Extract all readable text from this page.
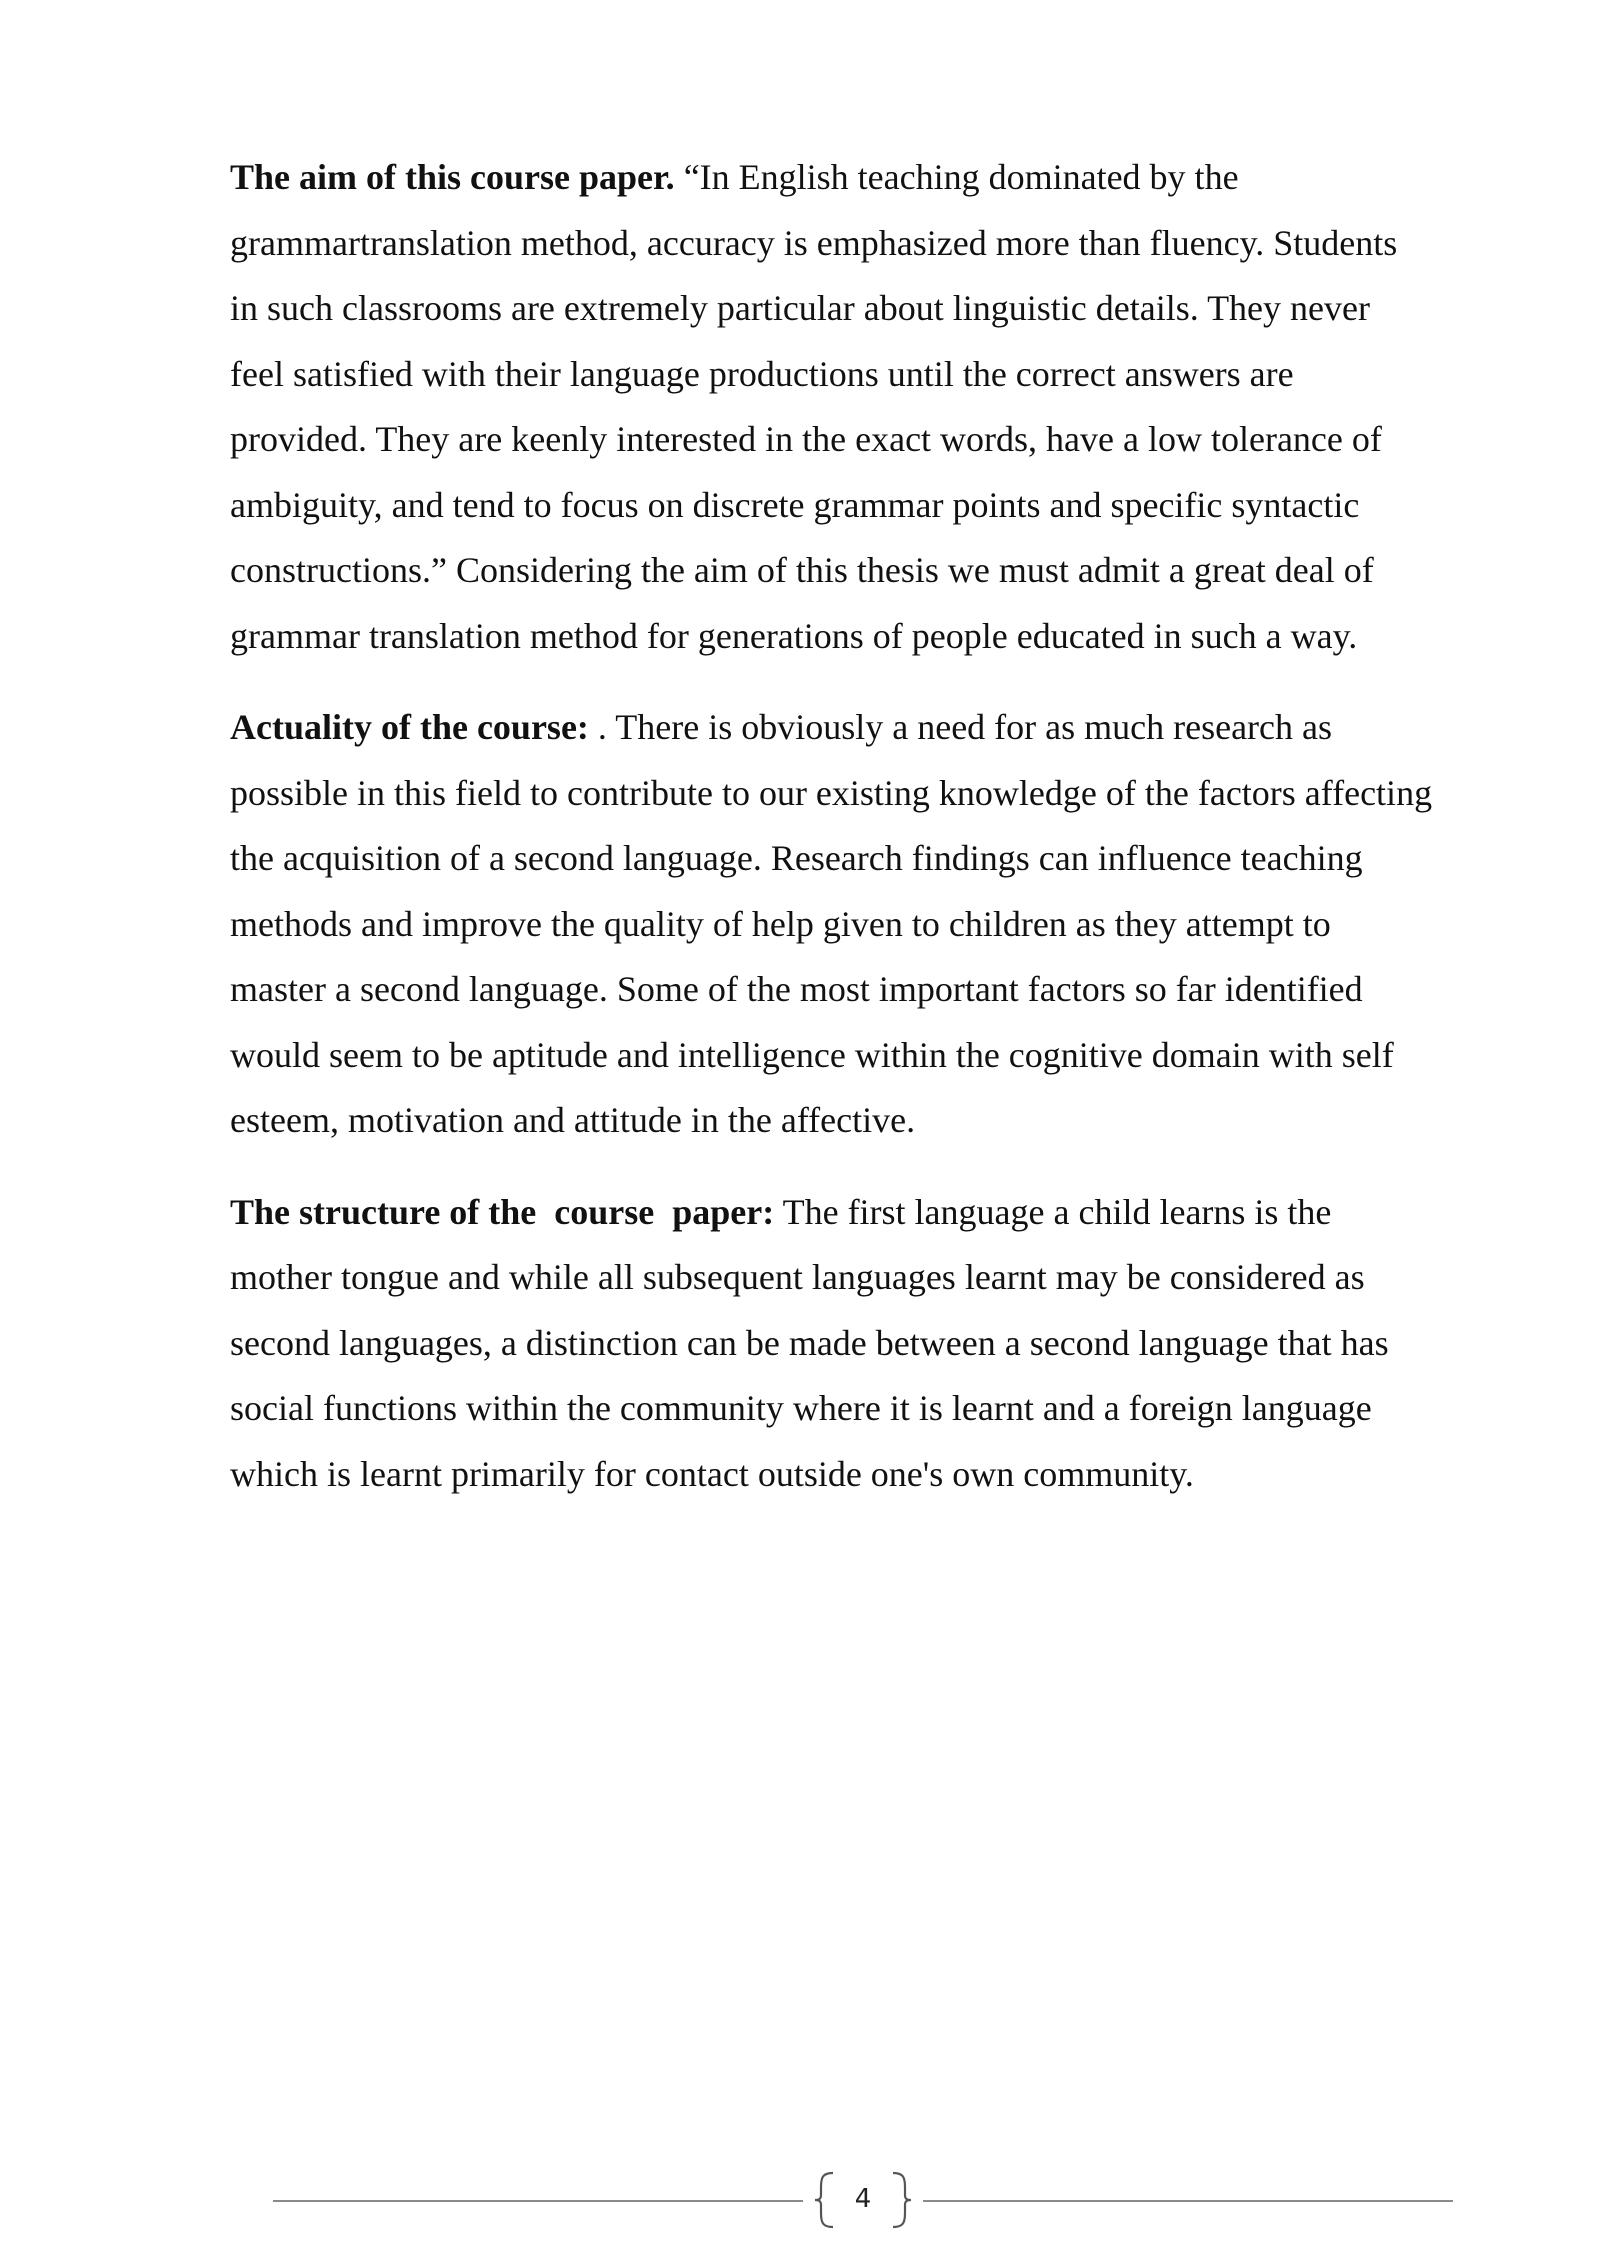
The aim of this course paper. “In English teaching dominated by the
grammartranslation method, accuracy is emphasized more than fluency. Students
in such classrooms are extremely particular about linguistic details. They never
feel satisfied with their language productions until the correct answers are
provided. They are keenly interested in the exact words, have a low tolerance of
ambiguity, and tend to focus on discrete grammar points and specific syntactic
constructions.” Considering the aim of this thesis we must admit a great deal of
grammar translation method for generations of people educated in such a way.

Actuality of the course: . There is obviously a need for as much research as
possible in this field to contribute to our existing knowledge of the factors affecting
the acquisition of a second language. Research findings can influence teaching
methods and improve the quality of help given to children as they attempt to
master a second language. Some of the most important factors so far identified
would seem to be aptitude and intelligence within the cognitive domain with self
esteem, motivation and attitude in the affective.

The structure of the  course  paper: The first language a child learns is the
mother tongue and while all subsequent languages learnt may be considered as
second languages, a distinction can be made between a second language that has
social functions within the community where it is learnt and a foreign language
which is learnt primarily for contact outside one's own community.

4
